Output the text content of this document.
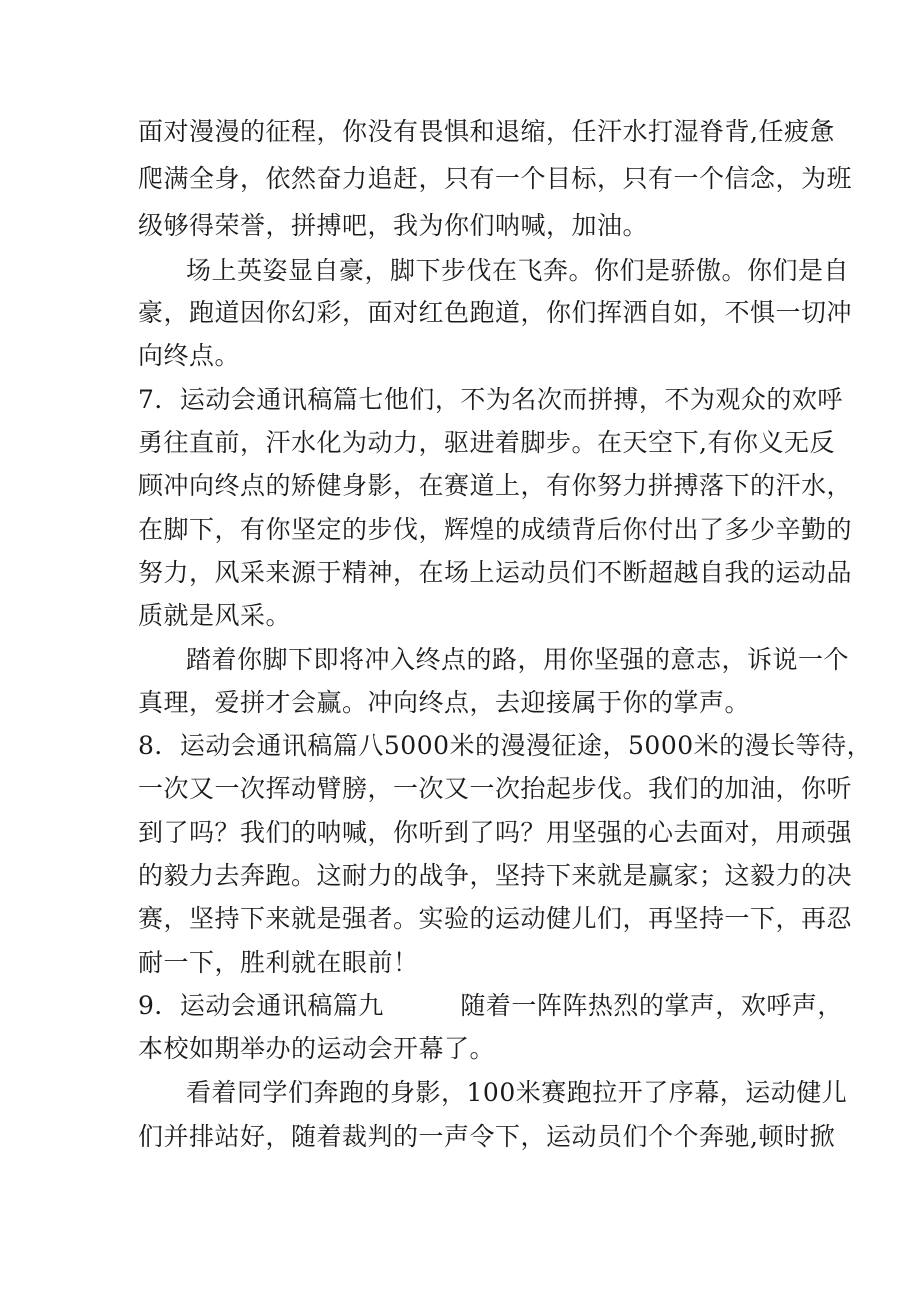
面对漫漫的征程，你没有畏惧和退缩，任汗水打湿脊背,任疲惫
爬满全身，依然奋力追赶，只有一个目标，只有一个信念，为班
级够得荣誉，拼搏吧，我为你们呐喊，加油。
场上英姿显自豪，脚下步伐在飞奔。你们是骄傲。你们是自
豪，跑道因你幻彩，面对红色跑道，你们挥洒自如，不惧一切冲
向终点。
7．运动会通讯稿篇七他们，不为名次而拼搏，不为观众的欢呼
勇往直前，汗水化为动力，驱进着脚步。在天空下,有你义无反
顾冲向终点的矫健身影，在赛道上，有你努力拼搏落下的汗水，
在脚下，有你坚定的步伐，辉煌的成绩背后你付出了多少辛勤的
努力，风采来源于精神，在场上运动员们不断超越自我的运动品
质就是风采。
踏着你脚下即将冲入终点的路，用你坚强的意志，诉说一个
真理，爱拼才会赢。冲向终点，去迎接属于你的掌声。
8．运动会通讯稿篇八5000米的漫漫征途，5000米的漫长等待，
一次又一次挥动臂膀，一次又一次抬起步伐。我们的加油，你听
到了吗？我们的呐喊，你听到了吗？用坚强的心去面对，用顽强
的毅力去奔跑。这耐力的战争，坚持下来就是赢家；这毅力的决
赛，坚持下来就是强者。实验的运动健儿们，再坚持一下，再忍
耐一下，胜利就在眼前！
9．运动会通讯稿篇九　　　随着一阵阵热烈的掌声，欢呼声，
本校如期举办的运动会开幕了。
看着同学们奔跑的身影，100米赛跑拉开了序幕，运动健儿
们并排站好，随着裁判的一声令下，运动员们个个奔驰,顿时掀
